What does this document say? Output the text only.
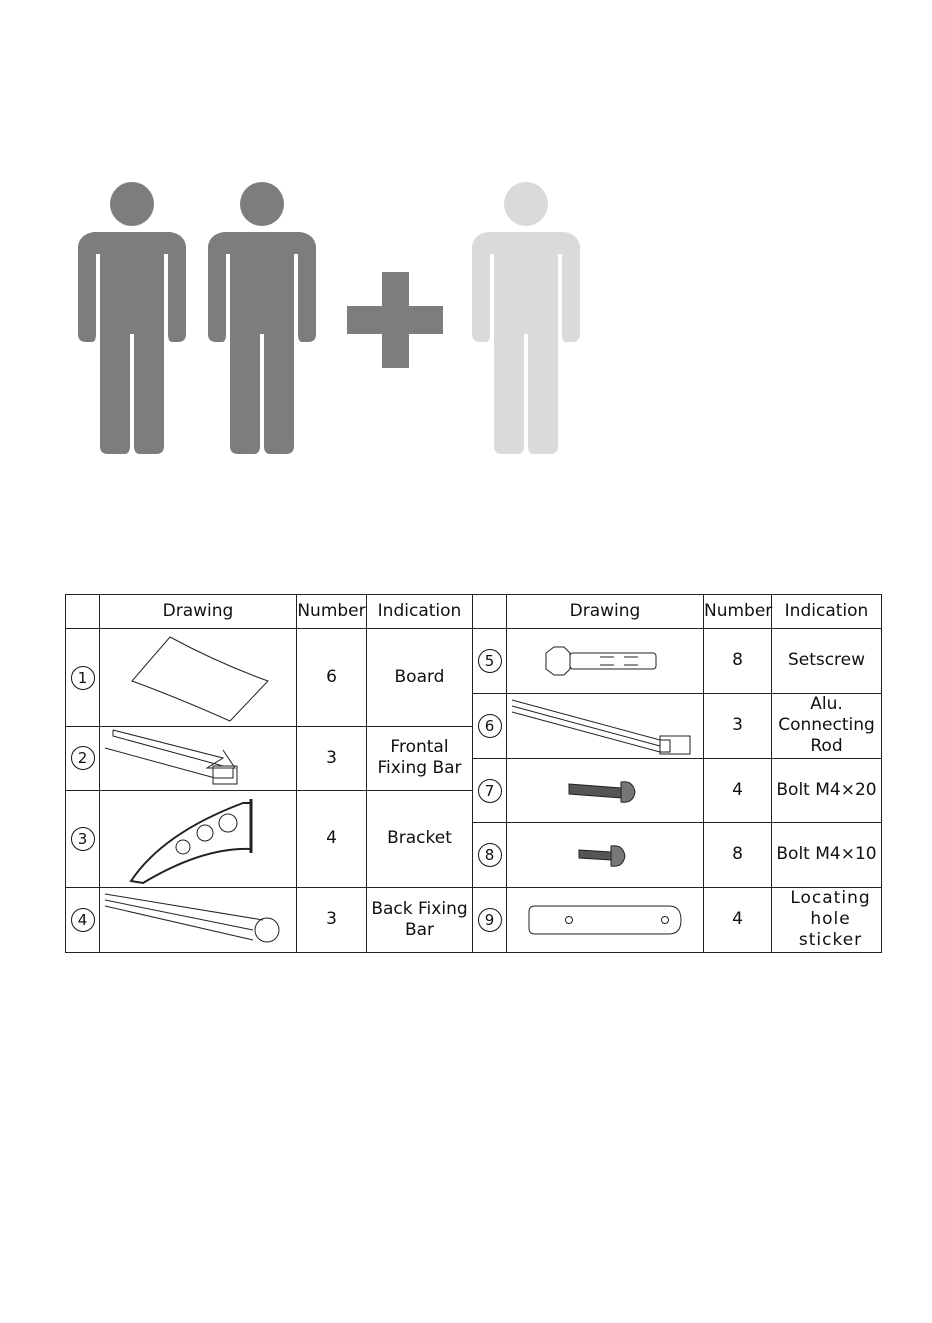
	Drawing	Number	Indication		Drawing	Number	Indication
1		6	Board	5		8	Setscrew
				6		3	Alu. Connecting Rod
2		3	Frontal Fixing Bar				
				7		4	Bolt M4×20
3		4	Bracket				
				8		8	Bolt M4×10

4		3	Back Fixing Bar	9		4	Locating hole sticker
